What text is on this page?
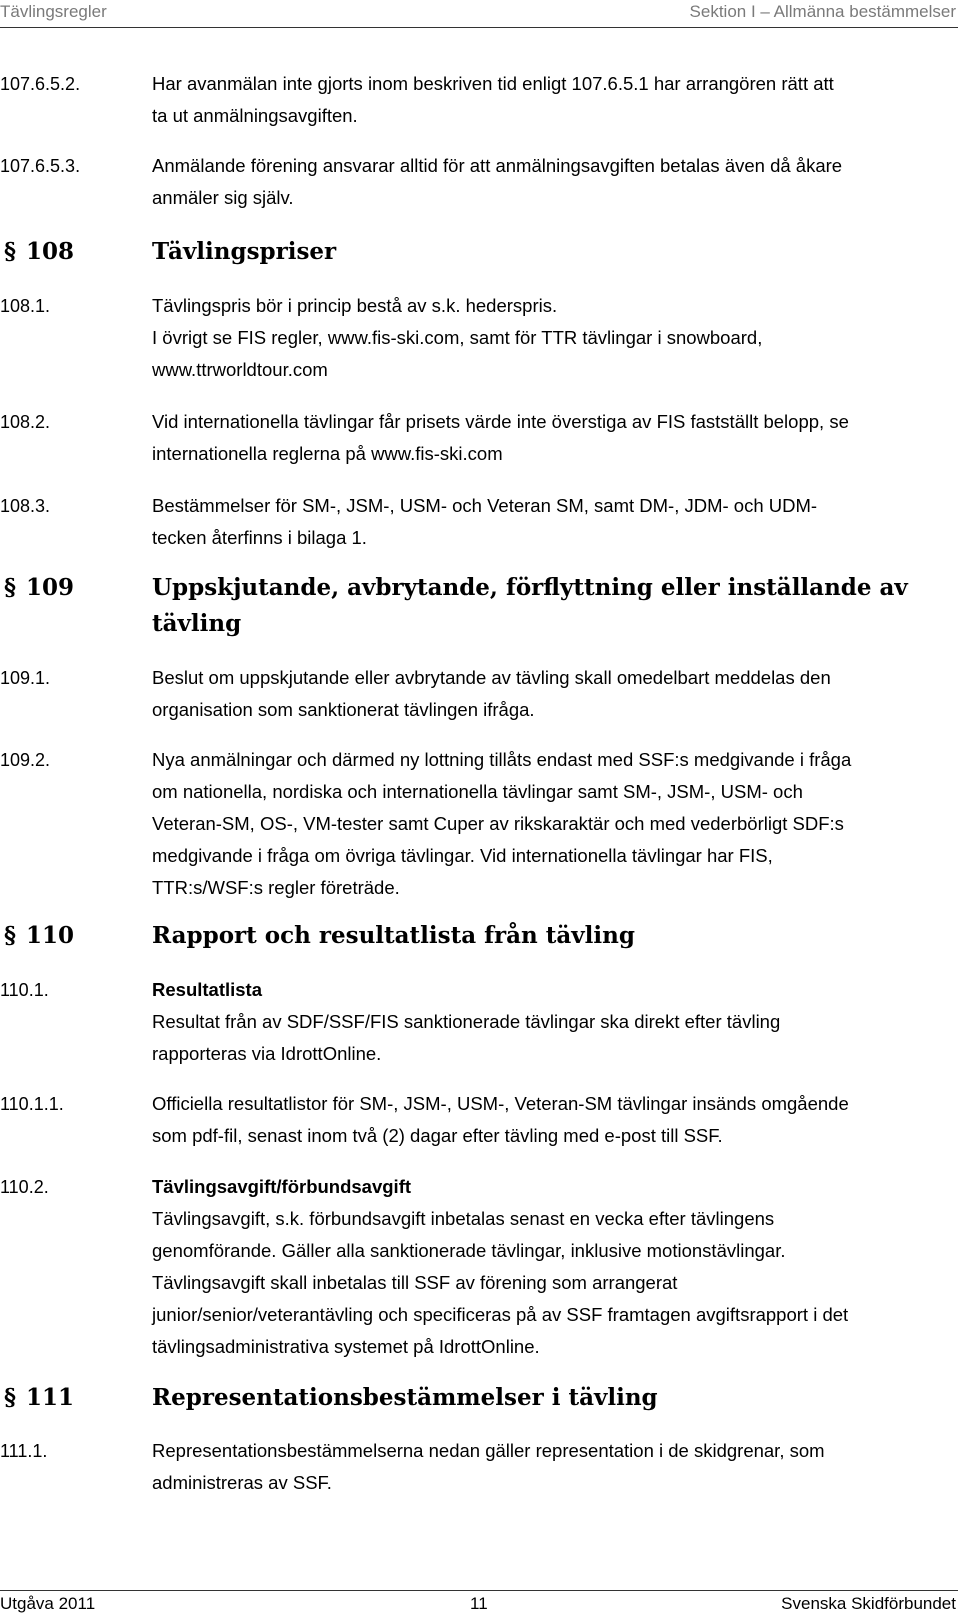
Tävlingsregler	Sektion I – Allmänna bestämmelser
107.6.5.2.	Har avanmälan inte gjorts inom beskriven tid enligt 107.6.5.1 har arrangören rätt att
ta ut anmälningsavgiften.
107.6.5.3.	Anmälande förening ansvarar alltid för att anmälningsavgiften betalas även då åkare
anmäler sig själv.
§ 108	Tävlingspriser
108.1.	Tävlingspris bör i princip bestå av s.k. hederspris.
I övrigt se FIS regler, www.fis-ski.com, samt för TTR tävlingar i snowboard,
www.ttrworldtour.com
108.2.	Vid internationella tävlingar får prisets värde inte överstiga av FIS fastställt belopp, se
internationella reglerna på www.fis-ski.com
108.3.	Bestämmelser för SM-, JSM-, USM- och Veteran SM, samt DM-, JDM- och UDM-
tecken återfinns i bilaga 1.
§ 109	Uppskjutande, avbrytande, förflyttning eller inställande av
tävling
109.1.	Beslut om uppskjutande eller avbrytande av tävling skall omedelbart meddelas den
organisation som sanktionerat tävlingen ifråga.
109.2.	Nya anmälningar och därmed ny lottning tillåts endast med SSF:s medgivande i fråga
om nationella, nordiska och internationella tävlingar samt SM-, JSM-, USM- och
Veteran-SM, OS-, VM-tester samt Cuper av rikskaraktär och med vederbörligt SDF:s
medgivande i fråga om övriga tävlingar. Vid internationella tävlingar har FIS,
TTR:s/WSF:s regler företräde.
§ 110	Rapport och resultatlista från tävling
110.1.	Resultatlista
Resultat från av SDF/SSF/FIS sanktionerade tävlingar ska direkt efter tävling
rapporteras via IdrottOnline.
110.1.1.	Officiella resultatlistor för SM-, JSM-, USM-, Veteran-SM tävlingar insänds omgående
som pdf-fil, senast inom två (2) dagar efter tävling med e-post till SSF.
110.2.	Tävlingsavgift/förbundsavgift
Tävlingsavgift, s.k. förbundsavgift inbetalas senast en vecka efter tävlingens
genomförande. Gäller alla sanktionerade tävlingar, inklusive motionstävlingar.
Tävlingsavgift skall inbetalas till SSF av förening som arrangerat
junior/senior/veterantävling och specificeras på av SSF framtagen avgiftsrapport i det
tävlingsadministrativa systemet på IdrottOnline.
§ 111	Representationsbestämmelser i tävling
111.1.	Representationsbestämmelserna nedan gäller representation i de skidgrenar, som
administreras av SSF.
Utgåva 2011	11	Svenska Skidförbundet
